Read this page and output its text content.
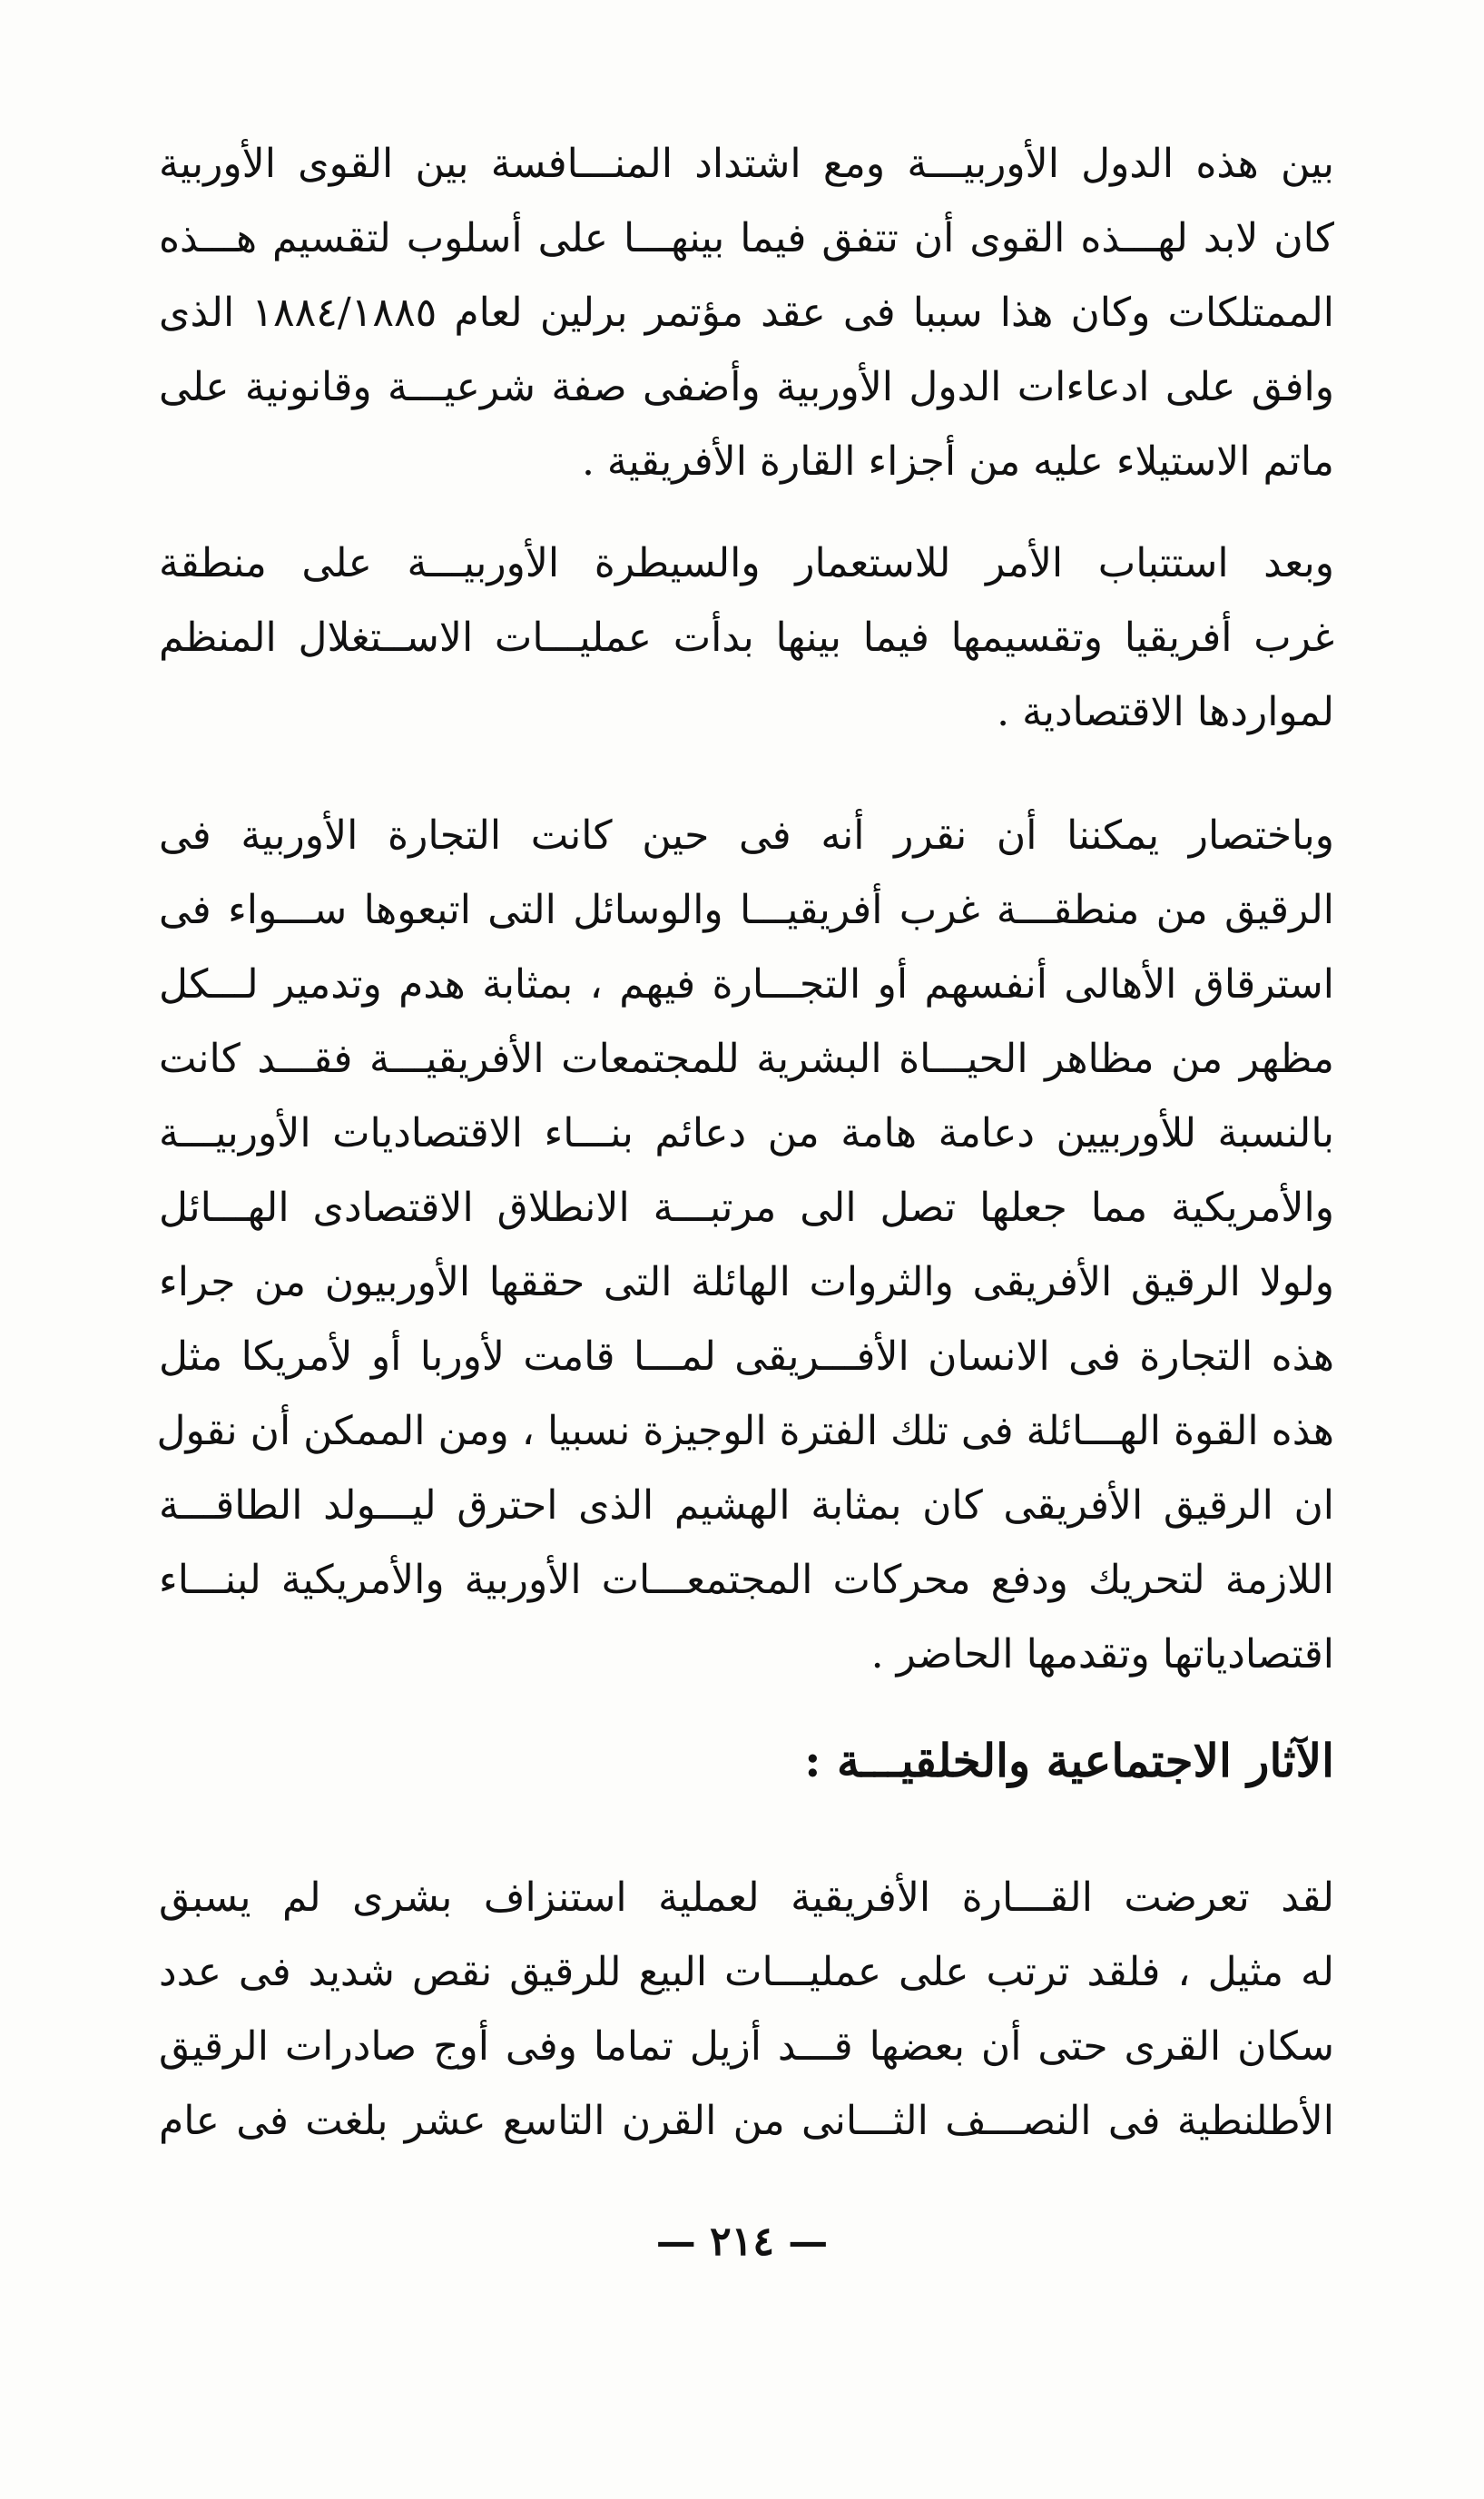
بين هذه الدول الأوربيـــة ومع اشتداد المنـــافسة بين القوى الأوربية
كان لابد لهـــذه القوى أن تتفق فيما بينهـــا على أسلوب لتقسيم هـــذه
الممتلكات وكان هذا سببا فى عقد مؤتمر برلين لعام ١٨٨٤/١٨٨٥ الذى
وافق على ادعاءات الدول الأوربية وأضفى صفة شرعيـــة وقانونية على
ماتم الاستيلاء عليه من أجزاء القارة الأفريقية .
وبعد استتباب الأمر للاستعمار والسيطرة الأوربيـــة على منطقة
غرب أفريقيا وتقسيمها فيما بينها بدأت عمليـــات الاســتغلال المنظم
لمواردها الاقتصادية .
وباختصار يمكننا أن نقرر أنه فى حين كانت التجارة الأوربية فى
الرقيق من منطقـــة غرب أفريقيـــا والوسائل التى اتبعوها ســـواء فى
استرقاق الأهالى أنفسهم أو التجـــارة فيهم ، بمثابة هدم وتدمير لـــكل
مظهر من مظاهر الحيـــاة البشرية للمجتمعات الأفريقيـــة فقـــد كانت
بالنسبة للأوربيين دعامة هامة من دعائم بنـــاء الاقتصاديات الأوربيـــة
والأمريكية مما جعلها تصل الى مرتبـــة الانطلاق الاقتصادى الهـــائل
ولولا الرقيق الأفريقى والثروات الهائلة التى حققها الأوربيون من جراء
هذه التجارة فى الانسان الأفـــريقى لمـــا قامت لأوربا أو لأمريكا مثل
هذه القوة الهـــائلة فى تلك الفترة الوجيزة نسبيا ، ومن الممكن أن نقول
ان الرقيق الأفريقى كان بمثابة الهشيم الذى احترق ليـــولد الطاقـــة
اللازمة لتحريك ودفع محركات المجتمعـــات الأوربية والأمريكية لبنـــاء
اقتصادياتها وتقدمها الحاضر .
الآثار الاجتماعية والخلقيـــة :
لقد تعرضت القـــارة الأفريقية لعملية استنزاف بشرى لم يسبق
له مثيل ، فلقد ترتب على عمليـــات البيع للرقيق نقص شديد فى عدد
سكان القرى حتى أن بعضها قـــد أزيل تماما وفى أوج صادرات الرقيق
الأطلنطية فى النصـــف الثـــانى من القرن التاسع عشر بلغت فى عام
— ٢١٤ —
